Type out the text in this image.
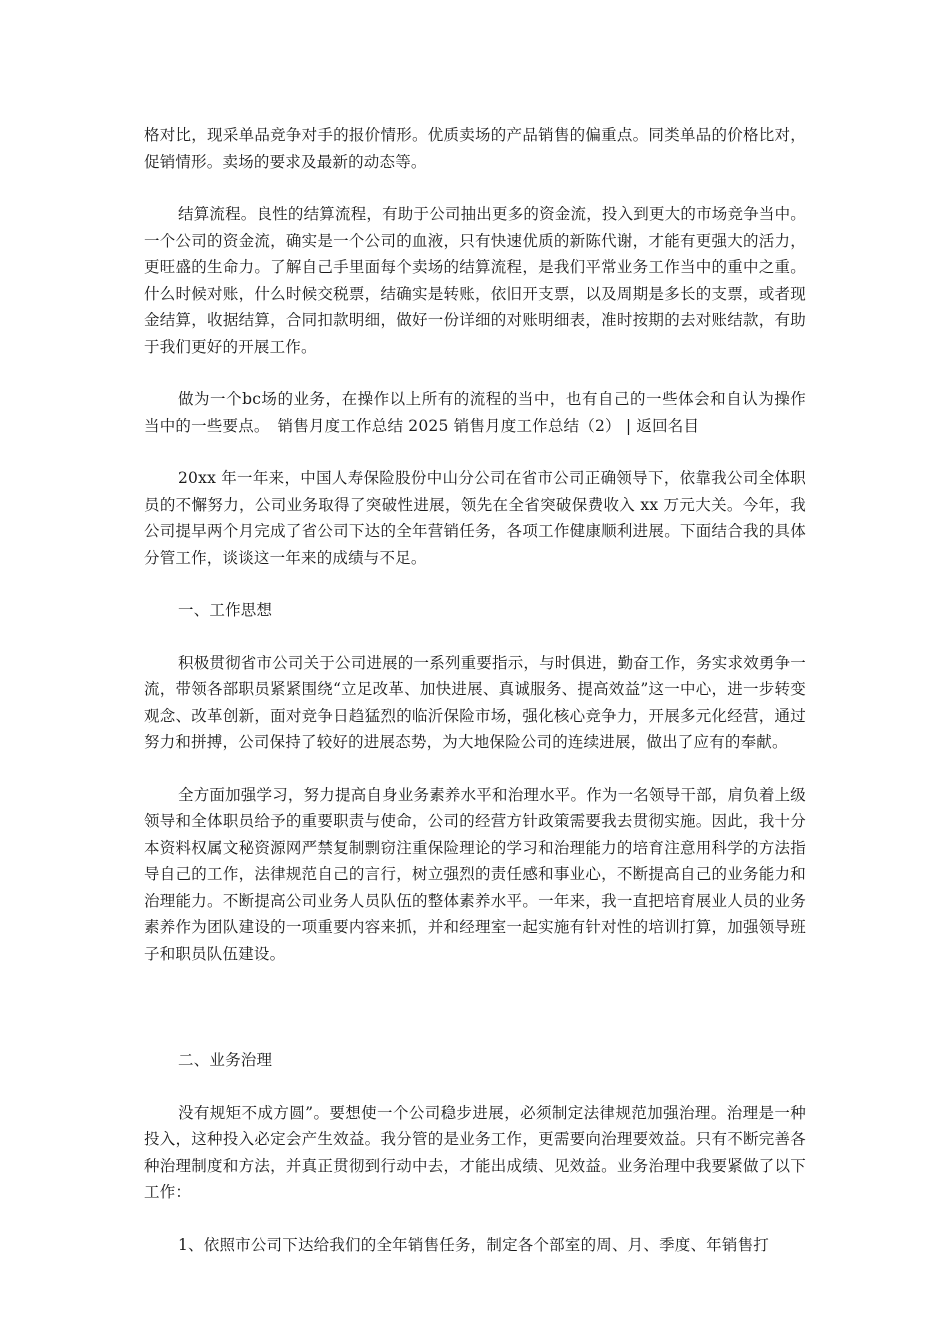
格对比，现采单品竞争对手的报价情形。优质卖场的产品销售的偏重点。同类单品的价格比对，促销情形。卖场的要求及最新的动态等。

结算流程。良性的结算流程，有助于公司抽出更多的资金流，投入到更大的市场竞争当中。一个公司的资金流，确实是一个公司的血液，只有快速优质的新陈代谢，才能有更强大的活力，更旺盛的生命力。了解自己手里面每个卖场的结算流程，是我们平常业务工作当中的重中之重。什么时候对账，什么时候交税票，结确实是转账，依旧开支票，以及周期是多长的支票，或者现金结算，收据结算，合同扣款明细，做好一份详细的对账明细表，准时按期的去对账结款，有助于我们更好的开展工作。

做为一个bc场的业务，在操作以上所有的流程的当中，也有自己的一些体会和自认为操作当中的一些要点。　销售月度工作总结 2025 销售月度工作总结（2） | 返回名目

20xx 年一年来，中国人寿保险股份中山分公司在省市公司正确领导下，依靠我公司全体职员的不懈努力，公司业务取得了突破性进展，领先在全省突破保费收入 xx 万元大关。今年，我公司提早两个月完成了省公司下达的全年营销任务，各项工作健康顺利进展。下面结合我的具体分管工作，谈谈这一年来的成绩与不足。

一、工作思想

积极贯彻省市公司关于公司进展的一系列重要指示，与时俱进，勤奋工作，务实求效勇争一流，带领各部职员紧紧围绕“立足改革、加快进展、真诚服务、提高效益”这一中心，进一步转变观念、改革创新，面对竞争日趋猛烈的临沂保险市场，强化核心竞争力，开展多元化经营，通过努力和拼搏，公司保持了较好的进展态势，为大地保险公司的连续进展，做出了应有的奉献。

全方面加强学习，努力提高自身业务素养水平和治理水平。作为一名领导干部，肩负着上级领导和全体职员给予的重要职责与使命，公司的经营方针政策需要我去贯彻实施。因此，我十分本资料权属文秘资源网严禁复制剽窃注重保险理论的学习和治理能力的培育注意用科学的方法指导自己的工作，法律规范自己的言行，树立强烈的责任感和事业心，不断提高自己的业务能力和治理能力。不断提高公司业务人员队伍的整体素养水平。一年来，我一直把培育展业人员的业务素养作为团队建设的一项重要内容来抓，并和经理室一起实施有针对性的培训打算，加强领导班子和职员队伍建设。

二、业务治理

没有规矩不成方圆”。要想使一个公司稳步进展，必须制定法律规范加强治理。治理是一种投入，这种投入必定会产生效益。我分管的是业务工作，更需要向治理要效益。只有不断完善各种治理制度和方法，并真正贯彻到行动中去，才能出成绩、见效益。业务治理中我要紧做了以下工作：

1、依照市公司下达给我们的全年销售任务，制定各个部室的周、月、季度、年销售打
